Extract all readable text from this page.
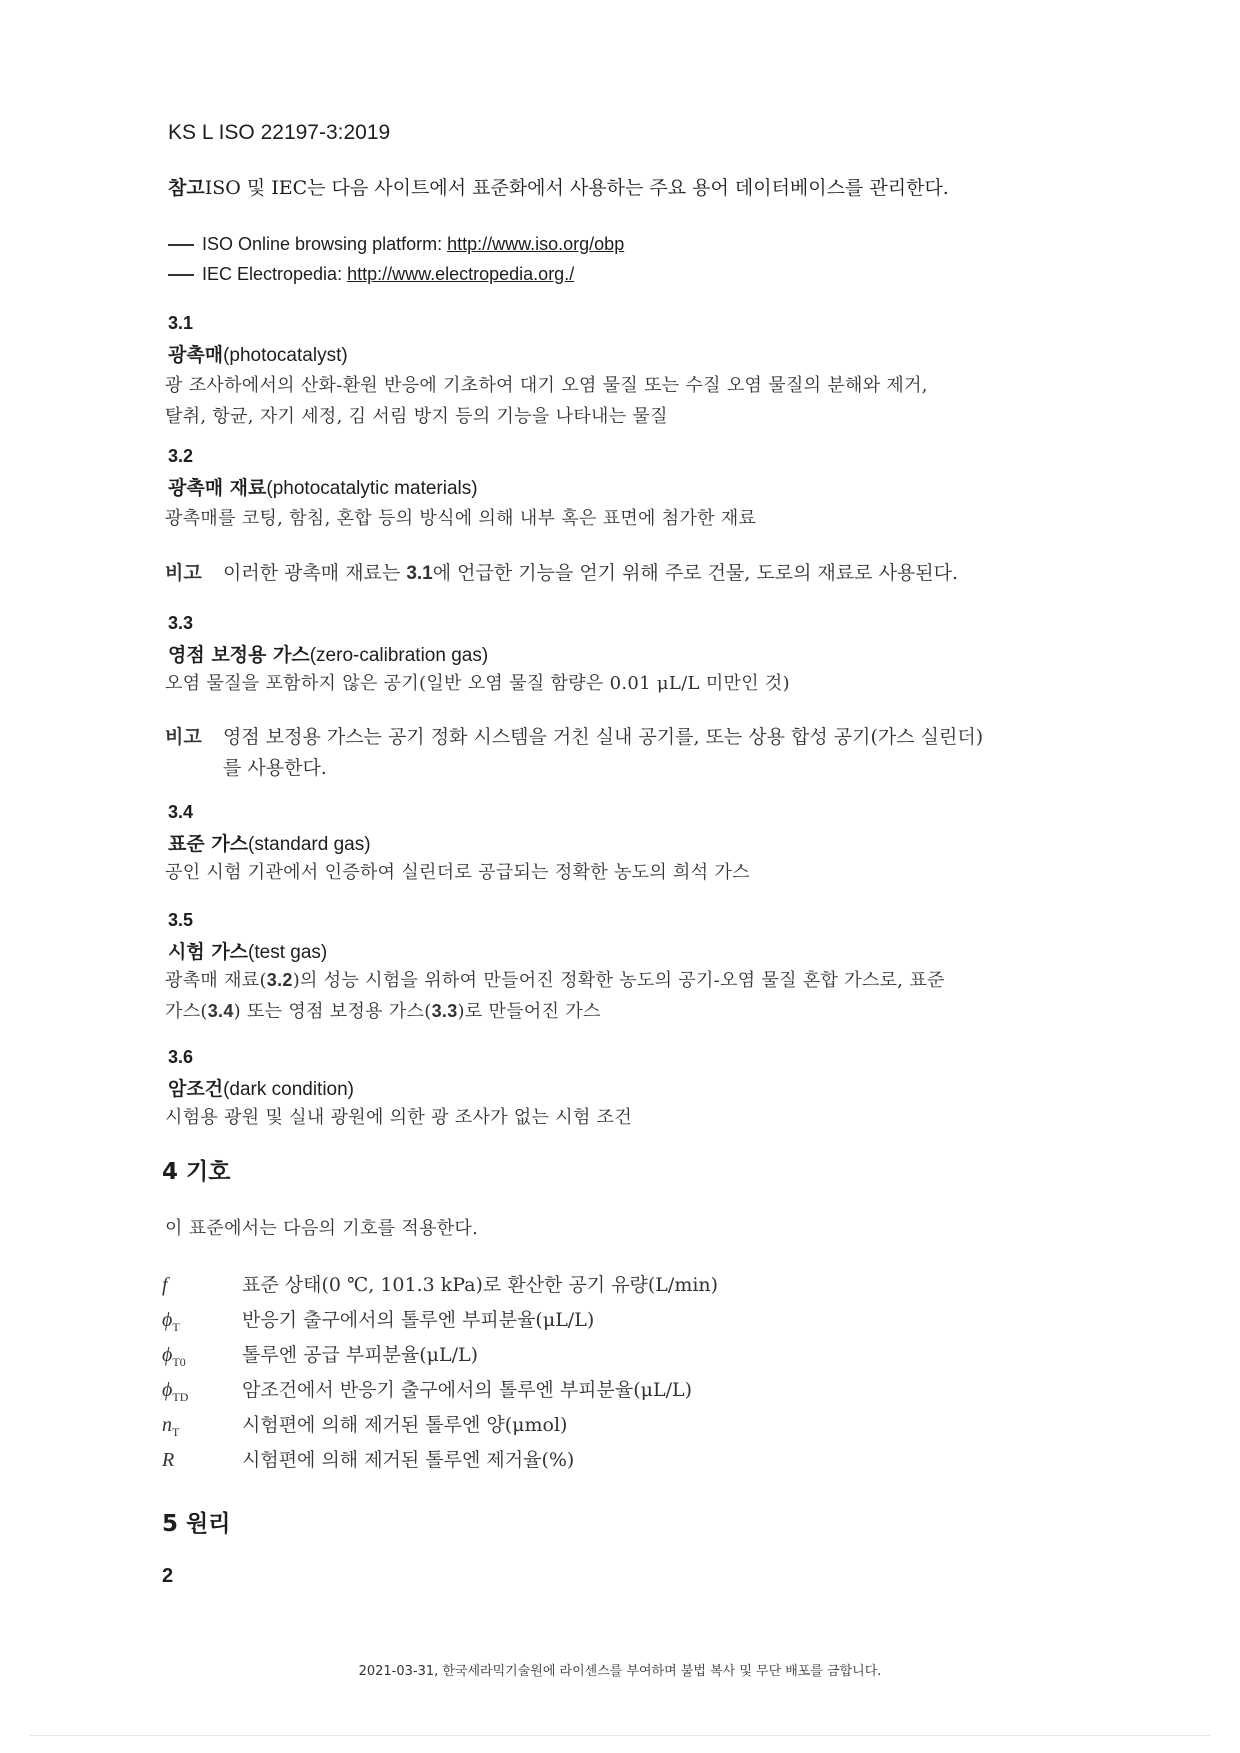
KS L ISO 22197-3:2019
참고ISO 및 IEC는 다음 사이트에서 표준화에서 사용하는 주요 용어 데이터베이스를 관리한다.
ISO Online browsing platform: http://www.iso.org/obp
IEC Electropedia: http://www.electropedia.org./
3.1
광촉매(photocatalyst)
광 조사하에서의 산화-환원 반응에 기초하여 대기 오염 물질 또는 수질 오염 물질의 분해와 제거,
탈취, 항균, 자기 세정, 김 서림 방지 등의 기능을 나타내는 물질
3.2
광촉매 재료(photocatalytic materials)
광촉매를 코팅, 함침, 혼합 등의 방식에 의해 내부 혹은 표면에 첨가한 재료
비고 이러한 광촉매 재료는 3.1에 언급한 기능을 얻기 위해 주로 건물, 도로의 재료로 사용된다.
3.3
영점 보정용 가스(zero-calibration gas)
오염 물질을 포함하지 않은 공기(일반 오염 물질 함량은 0.01 μL/L 미만인 것)
비고 영점 보정용 가스는 공기 정화 시스템을 거친 실내 공기를, 또는 상용 합성 공기(가스 실린더)
를 사용한다.
3.4
표준 가스(standard gas)
공인 시험 기관에서 인증하여 실린더로 공급되는 정확한 농도의 희석 가스
3.5
시험 가스(test gas)
광촉매 재료(3.2)의 성능 시험을 위하여 만들어진 정확한 농도의 공기-오염 물질 혼합 가스로, 표준
가스(3.4) 또는 영점 보정용 가스(3.3)로 만들어진 가스
3.6
암조건(dark condition)
시험용 광원 및 실내 광원에 의한 광 조사가 없는 시험 조건
4 기호
이 표준에서는 다음의 기호를 적용한다.
f	표준 상태(0 ℃, 101.3 kPa)로 환산한 공기 유량(L/min)
$\phi_T$	반응기 출구에서의 톨루엔 부피분율(μL/L)
$\phi_{T0}$	톨루엔 공급 부피분율(μL/L)
$\phi_{TD}$	암조건에서 반응기 출구에서의 톨루엔 부피분율(μL/L)
$n_T$	시험편에 의해 제거된 톨루엔 양(μmol)
R	시험편에 의해 제거된 톨루엔 제거율(%)
5 원리
2
2021-03-31, 한국세라믹기술원에 라이센스를 부여하며 불법 복사 및 무단 배포를 금합니다.
